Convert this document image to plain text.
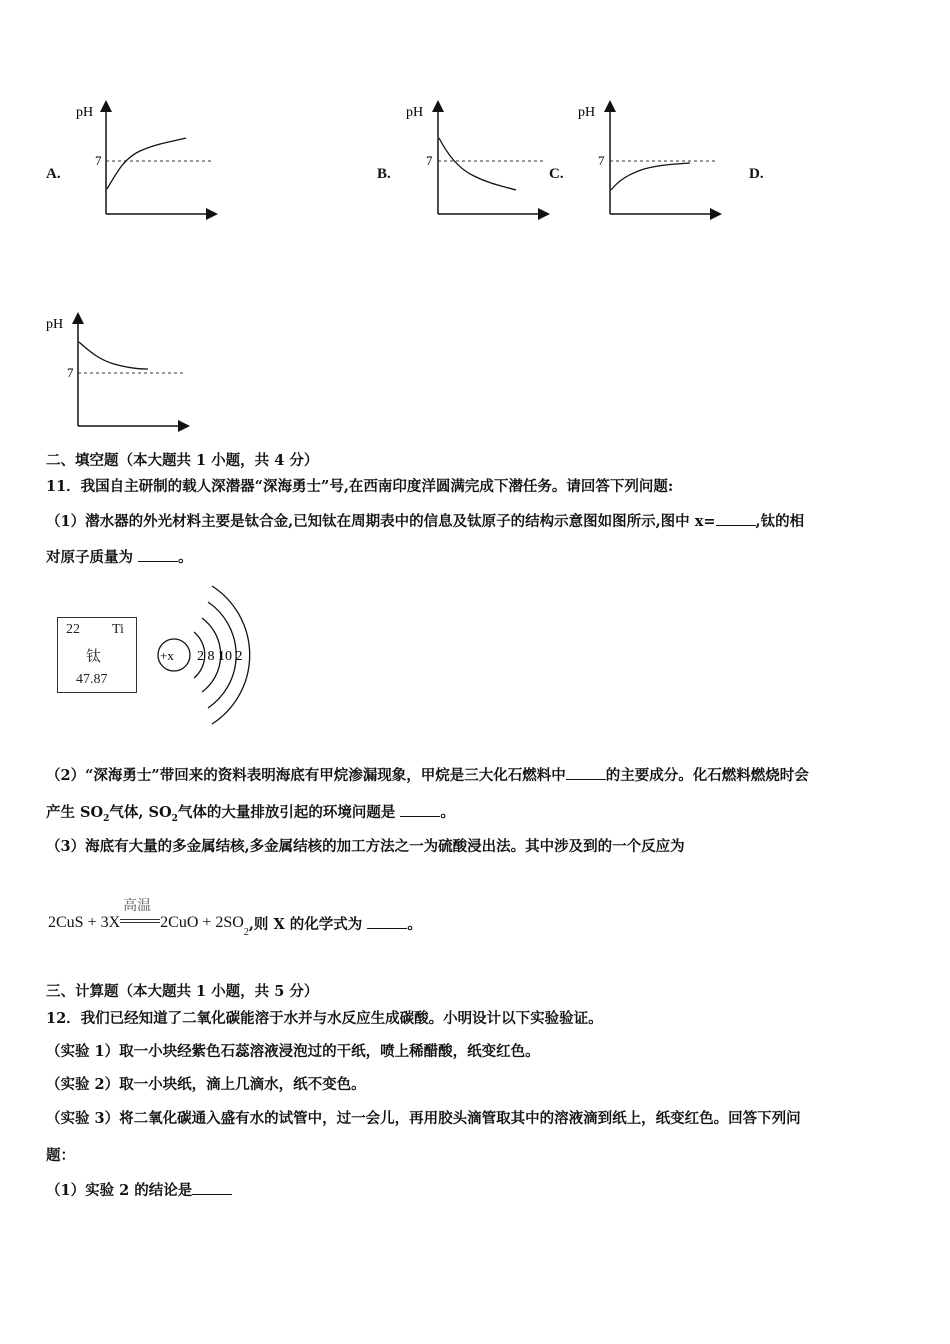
A.	B.	C.	D.
pH
7
pH
7
pH
7
pH
7
二、填空题（本大题共 1 小题，共 4 分）
11．我国自主研制的载人深潜器“深海勇士”号,在西南印度洋圆满完成下潜任务。请回答下列问题:
（1）潜水器的外光材料主要是钛合金,已知钛在周期表中的信息及钛原子的结构示意图如图所示,图中 x=	,钛的相
对原子质量为	。
22 Ti
钛
47.87
+x 2 8 10 2
（2）“深海勇士”带回来的资料表明海底有甲烷渗漏现象，甲烷是三大化石燃料中	的主要成分。化石燃料燃烧时会
产生 $SO_2$气体, $SO_2$气体的大量排放引起的环境问题是	。
（3）海底有大量的多金属结核,多金属结核的加工方法之一为硫酸浸出法。其中涉及到的一个反应为
2CuS + 3X
高温
$2CuO + 2SO_2$,则 X 的化学式为	。
三、计算题（本大题共 1 小题，共 5 分）
12．我们已经知道了二氧化碳能溶于水并与水反应生成碳酸。小明设计以下实验验证。
（实验 1）取一小块经紫色石蕊溶液浸泡过的干纸，喷上稀醋酸，纸变红色。
（实验 2）取一小块纸，滴上几滴水，纸不变色。
（实验 3）将二氧化碳通入盛有水的试管中，过一会儿，再用胶头滴管取其中的溶液滴到纸上，纸变红色。回答下列问
题：
（1）实验 2 的结论是
